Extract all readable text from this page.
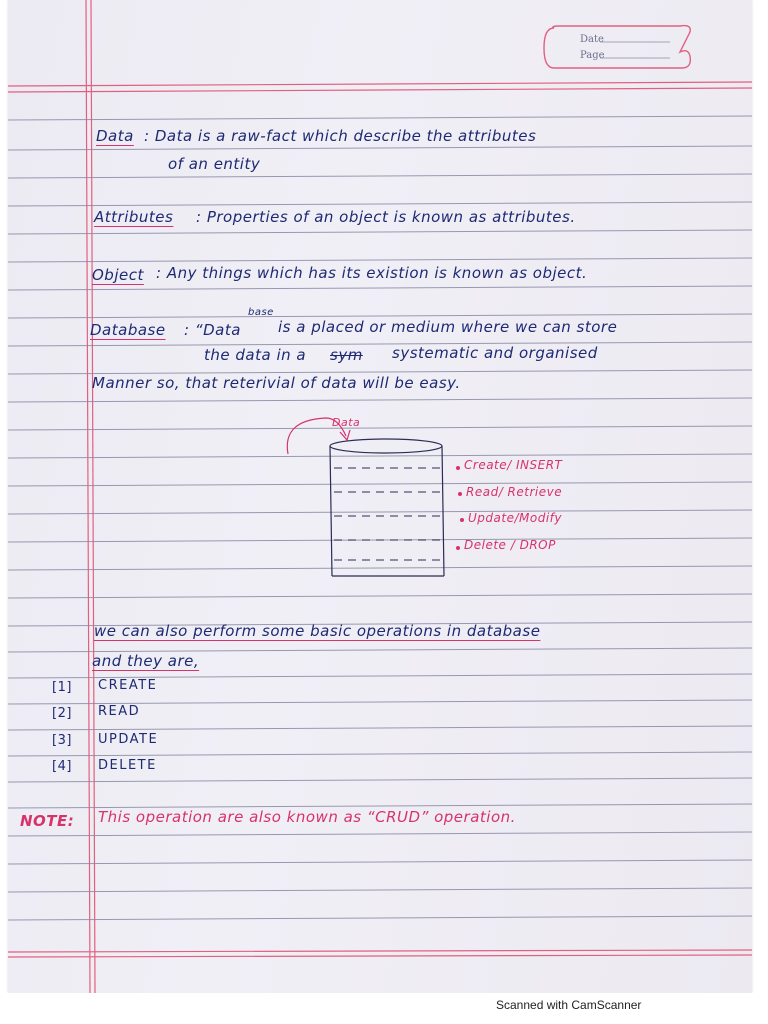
Date
Page
Data : Data is a raw-fact which describe the attributes
of an entity
Attributes : Properties of an object is known as attributes.
Object : Any things which has its existion is known as object.
Database : “Data
base
is a placed or medium where we can store
the data in a sym systematic and organised
Manner so, that reterivial of data will be easy.
Data
Create/ INSERT
Read/ Retrieve
Update/Modify
Delete / DROP
we can also perform some basic operations in database
and they are,
[1] CREATE
[2] READ
[3] UPDATE
[4] DELETE
NOTE: This operation are also known as “CRUD” operation.
Scanned with CamScanner
